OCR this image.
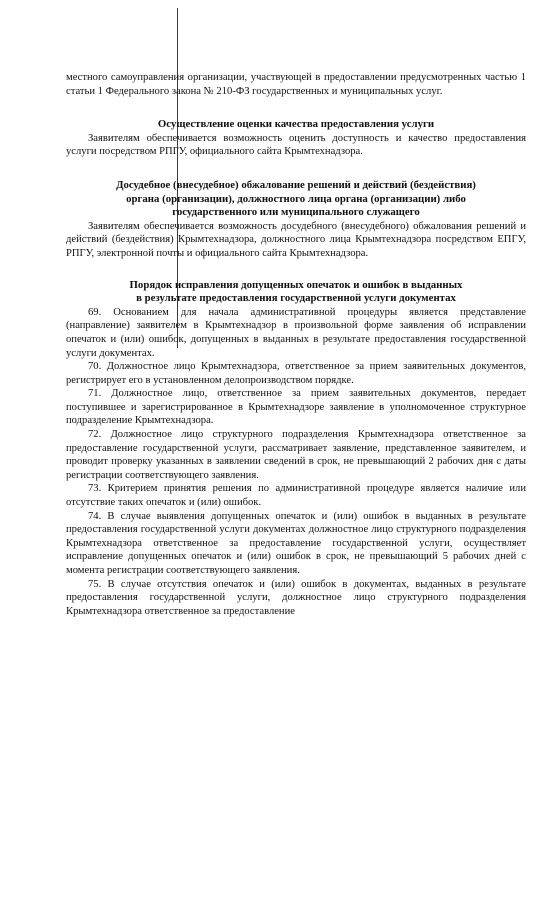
местного самоуправления организации, участвующей в предоставлении предусмотренных частью 1 статьи 1 Федерального закона № 210-ФЗ государственных и муниципальных услуг.

Осуществление оценки качества предоставления услуги

Заявителям обеспечивается возможность оценить доступность и качество предоставления услуги посредством РПГУ, официального сайта Крымтехнадзора.

Досудебное (внесудебное) обжалование решений и действий (бездействия)
органа (организации), должностного лица органа (организации) либо
государственного или муниципального служащего

Заявителям обеспечивается возможность досудебного (внесудебного) обжалования решений и действий (бездействия) Крымтехнадзора, должностного лица Крымтехнадзора посредством ЕПГУ, РПГУ, электронной почты и официального сайта Крымтехнадзора.

Порядок исправления допущенных опечаток и ошибок в выданных
в результате предоставления государственной услуги документах

69. Основанием для начала административной процедуры является представление (направление) заявителем в Крымтехнадзор в произвольной форме заявления об исправлении опечаток и (или) ошибок, допущенных в выданных в результате предоставления государственной услуги документах.

70. Должностное лицо Крымтехнадзора, ответственное за прием заявительных документов, регистрирует его в установленном делопроизводством порядке.

71. Должностное лицо, ответственное за прием заявительных документов, передает поступившее и зарегистрированное в Крымтехнадзоре заявление в уполномоченное структурное подразделение Крымтехнадзора.

72. Должностное лицо структурного подразделения Крымтехнадзора ответственное за предоставление государственной услуги, рассматривает заявление, представленное заявителем, и проводит проверку указанных в заявлении сведений в срок, не превышающий 2 рабочих дня с даты регистрации соответствующего заявления.

73. Критерием принятия решения по административной процедуре является наличие или отсутствие таких опечаток и (или) ошибок.

74. В случае выявления допущенных опечаток и (или) ошибок в выданных в результате предоставления государственной услуги документах должностное лицо структурного подразделения Крымтехнадзора ответственное за предоставление государственной услуги, осуществляет исправление допущенных опечаток и (или) ошибок в срок, не превышающий 5 рабочих дней с момента регистрации соответствующего заявления.

75. В случае отсутствия опечаток и (или) ошибок в документах, выданных в результате предоставления государственной услуги, должностное лицо структурного подразделения Крымтехнадзора ответственное за предоставление
